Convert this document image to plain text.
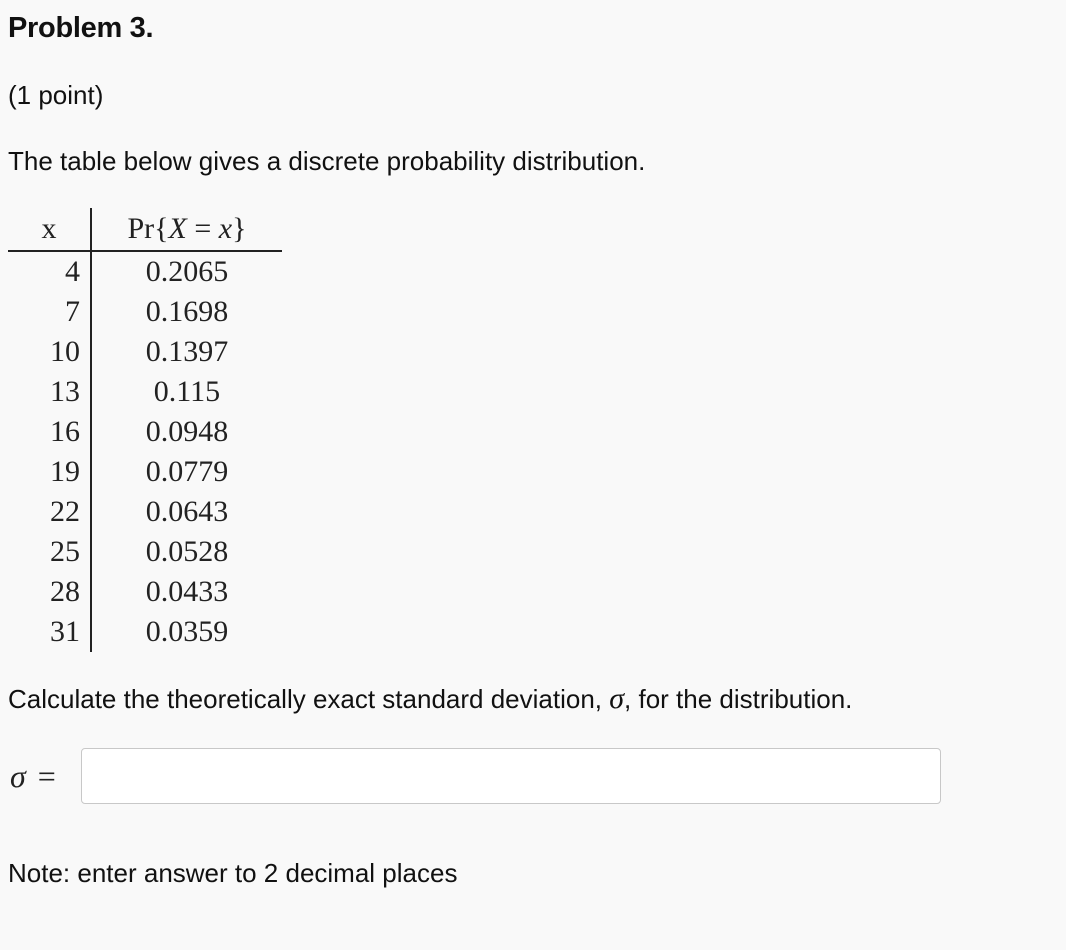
Problem 3.
(1 point)
The table below gives a discrete probability distribution.
x	Pr{X = x}
4	0.2065
7	0.1698
10	0.1397
13	0.115
16	0.0948
19	0.0779
22	0.0643
25	0.0528
28	0.0433
31	0.0359
Calculate the theoretically exact standard deviation, σ, for the distribution.
σ =
Note: enter answer to 2 decimal places
